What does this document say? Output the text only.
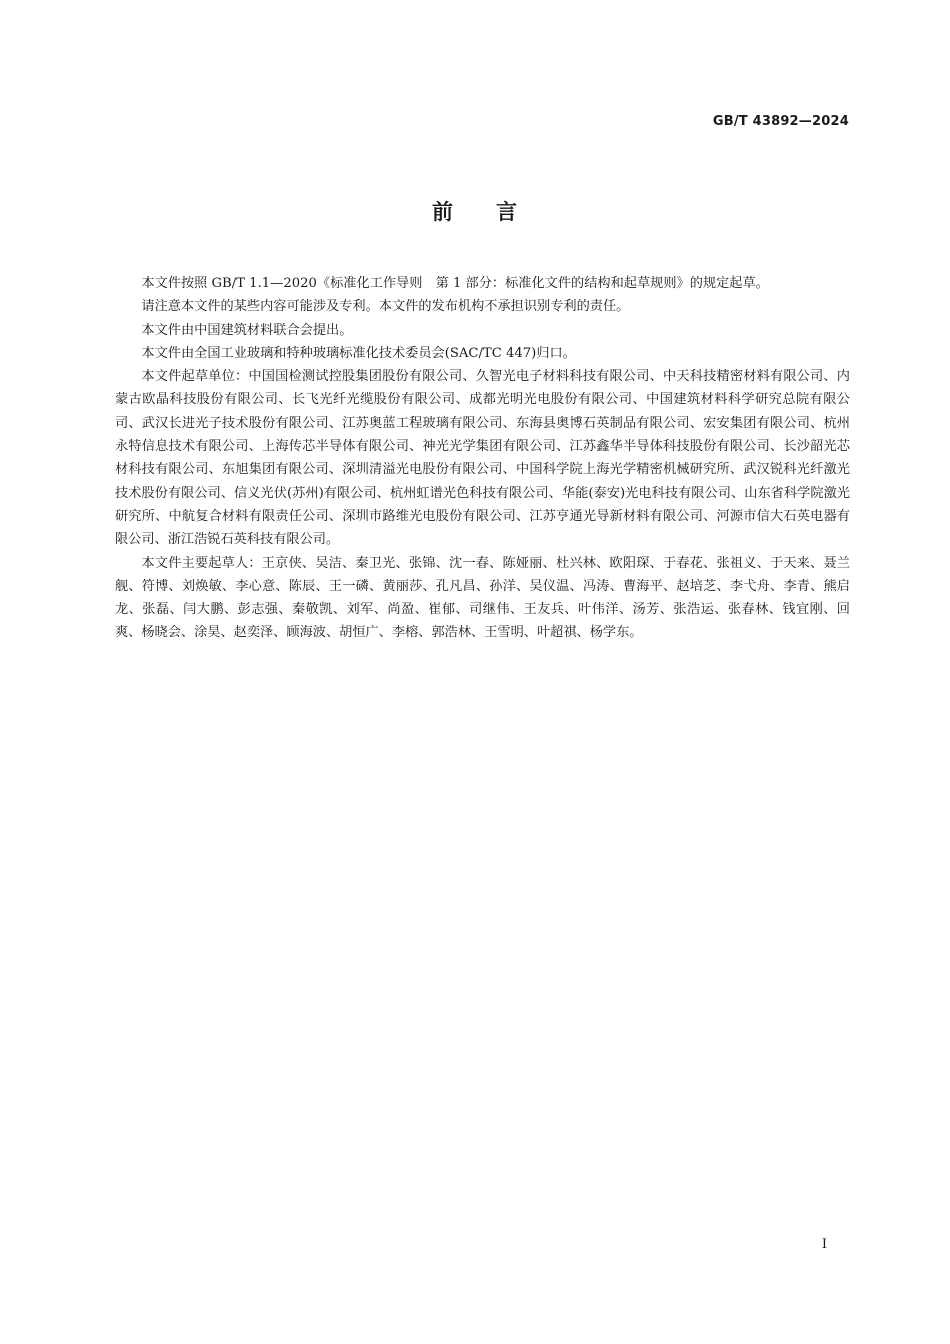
GB/T 43892—2024
前 言

本文件按照 GB/T 1.1—2020《标准化工作导则　第 1 部分：标准化文件的结构和起草规则》的规定起草。

请注意本文件的某些内容可能涉及专利。本文件的发布机构不承担识别专利的责任。

本文件由中国建筑材料联合会提出。

本文件由全国工业玻璃和特种玻璃标准化技术委员会(SAC/TC 447)归口。

本文件起草单位：中国国检测试控股集团股份有限公司、久智光电子材料科技有限公司、中天科技精密材料有限公司、内蒙古欧晶科技股份有限公司、长飞光纤光缆股份有限公司、成都光明光电股份有限公司、中国建筑材料科学研究总院有限公司、武汉长进光子技术股份有限公司、江苏奥蓝工程玻璃有限公司、东海县奥博石英制品有限公司、宏安集团有限公司、杭州永特信息技术有限公司、上海传芯半导体有限公司、神光光学集团有限公司、江苏鑫华半导体科技股份有限公司、长沙韶光芯材科技有限公司、东旭集团有限公司、深圳清溢光电股份有限公司、中国科学院上海光学精密机械研究所、武汉锐科光纤激光技术股份有限公司、信义光伏(苏州)有限公司、杭州虹谱光色科技有限公司、华能(泰安)光电科技有限公司、山东省科学院激光研究所、中航复合材料有限责任公司、深圳市路维光电股份有限公司、江苏亨通光导新材料有限公司、河源市信大石英电器有限公司、浙江浩锐石英科技有限公司。

本文件主要起草人：王京侠、吴洁、秦卫光、张锦、沈一春、陈娅丽、杜兴林、欧阳琛、于春花、张祖义、于天来、聂兰舰、符博、刘焕敏、李心意、陈辰、王一磷、黄丽莎、孔凡昌、孙洋、吴仪温、冯涛、曹海平、赵培芝、李弋舟、李青、熊启龙、张磊、闫大鹏、彭志强、秦敬凯、刘军、尚盈、崔郁、司继伟、王友兵、叶伟洋、汤芳、张浩运、张春林、钱宜刚、回爽、杨晓会、涂昊、赵奕泽、顾海波、胡恒广、李榕、郭浩林、王雪明、叶超祺、杨学东。

I
